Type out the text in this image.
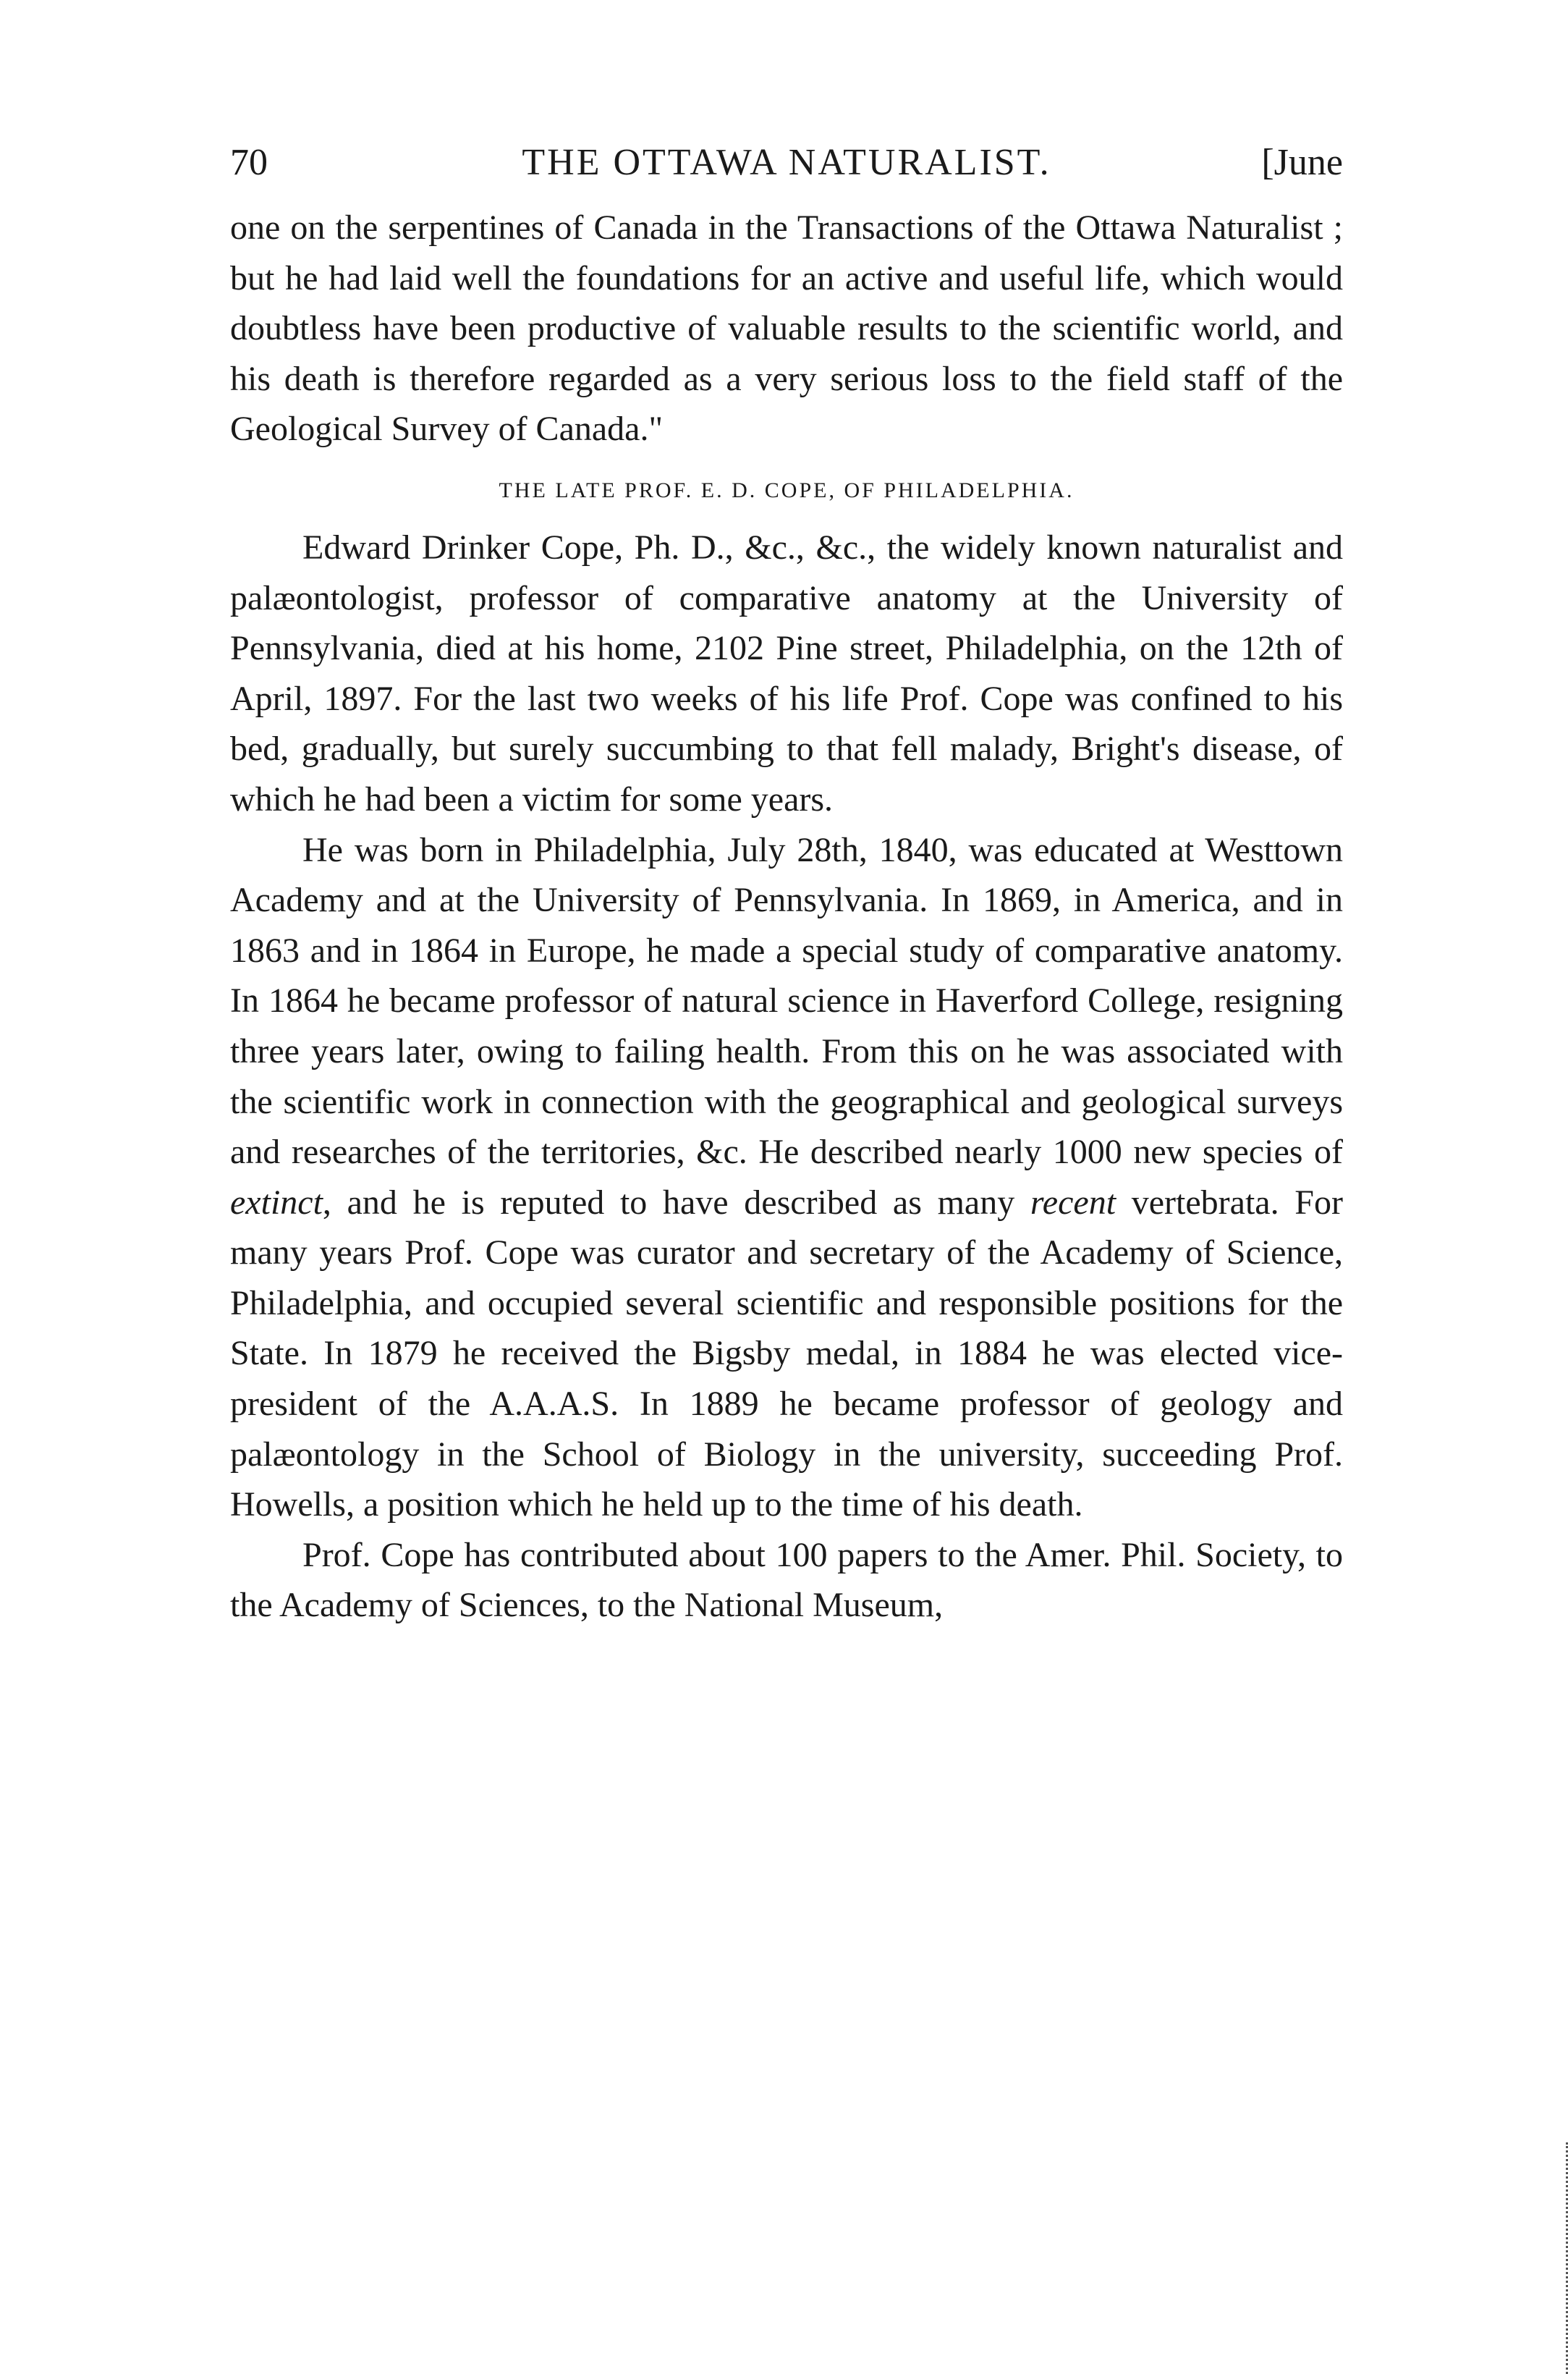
70	THE OTTAWA NATURALIST.	[June

one on the serpentines of Canada in the Transactions of the Ottawa Naturalist ; but he had laid well the foundations for an active and useful life, which would doubtless have been productive of valuable results to the scientific world, and his death is therefore regarded as a very serious loss to the field staff of the Geological Survey of Canada."

THE LATE PROF. E. D. COPE, OF PHILADELPHIA.

Edward Drinker Cope, Ph. D., &c., &c., the widely known naturalist and palæontologist, professor of comparative anatomy at the University of Pennsylvania, died at his home, 2102 Pine street, Philadelphia, on the 12th of April, 1897. For the last two weeks of his life Prof. Cope was confined to his bed, gradually, but surely succumbing to that fell malady, Bright's disease, of which he had been a victim for some years.

He was born in Philadelphia, July 28th, 1840, was educated at Westtown Academy and at the University of Pennsylvania. In 1869, in America, and in 1863 and in 1864 in Europe, he made a special study of comparative anatomy. In 1864 he became professor of natural science in Haverford College, resigning three years later, owing to failing health. From this on he was associated with the scientific work in connection with the geographical and geological surveys and researches of the territories, &c. He described nearly 1000 new species of extinct, and he is reputed to have described as many recent vertebrata. For many years Prof. Cope was curator and secretary of the Academy of Science, Philadelphia, and occupied several scientific and responsible positions for the State. In 1879 he received the Bigsby medal, in 1884 he was elected vice-president of the A.A.A.S. In 1889 he became professor of geology and palæontology in the School of Biology in the university, succeeding Prof. Howells, a position which he held up to the time of his death.

Prof. Cope has contributed about 100 papers to the Amer. Phil. Society, to the Academy of Sciences, to the National Museum,
